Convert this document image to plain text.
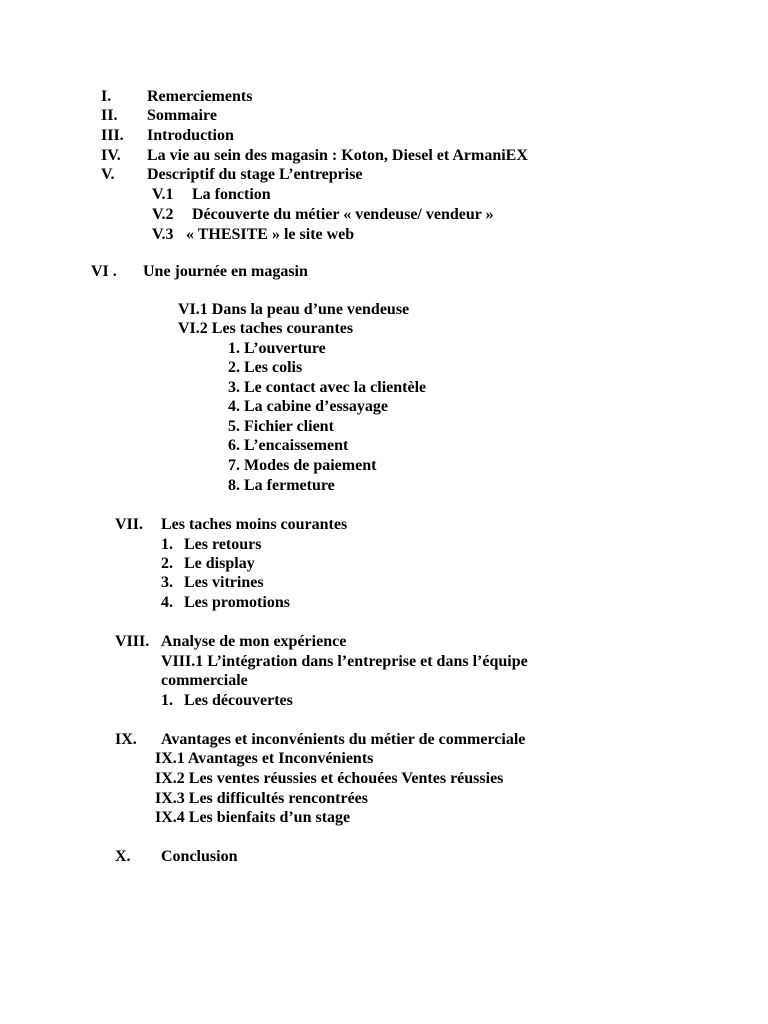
I. Remerciements
II. Sommaire
III. Introduction
IV. La vie au sein des magasin : Koton, Diesel et ArmaniEX
V. Descriptif du stage L’entreprise
V.1 La fonction
V.2 Découverte du métier « vendeuse/ vendeur »
V.3 « THESITE » le site web
VI . Une journée en magasin
VI.1 Dans la peau d’une vendeuse
VI.2 Les taches courantes
1. L’ouverture
2. Les colis
3. Le contact avec la clientèle
4. La cabine d’essayage
5. Fichier client
6. L’encaissement
7. Modes de paiement
8. La fermeture
VII. Les taches moins courantes
1. Les retours
2. Le display
3. Les vitrines
4. Les promotions
VIII. Analyse de mon expérience
VIII.1 L’intégration dans l’entreprise et dans l’équipe
commerciale
1. Les découvertes
IX. Avantages et inconvénients du métier de commerciale
IX.1 Avantages et Inconvénients
IX.2 Les ventes réussies et échouées Ventes réussies
IX.3 Les difficultés rencontrées
IX.4 Les bienfaits d’un stage
X. Conclusion
